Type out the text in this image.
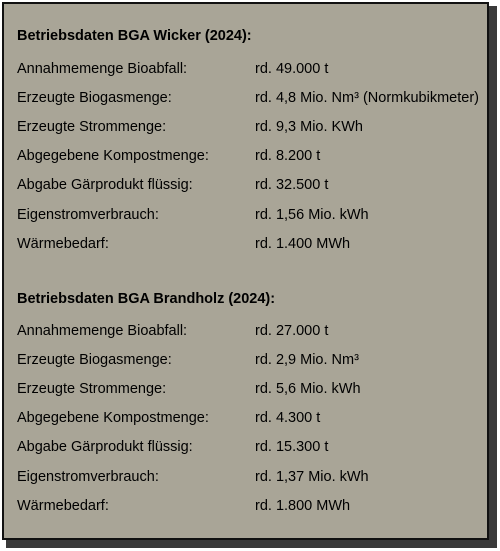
Betriebsdaten BGA Wicker (2024):
Annahmemenge Bioabfall:	rd. 49.000 t
Erzeugte Biogasmenge:	rd. 4,8 Mio. Nm³ (Normkubikmeter)
Erzeugte Strommenge:	rd. 9,3 Mio. KWh
Abgegebene Kompostmenge:	rd. 8.200 t
Abgabe Gärprodukt flüssig:	rd. 32.500 t
Eigenstromverbrauch:	rd. 1,56 Mio. kWh
Wärmebedarf:	rd. 1.400 MWh
Betriebsdaten BGA Brandholz (2024):
Annahmemenge Bioabfall:	rd. 27.000 t
Erzeugte Biogasmenge:	rd. 2,9 Mio. Nm³
Erzeugte Strommenge:	rd. 5,6 Mio. kWh
Abgegebene Kompostmenge:	rd. 4.300 t
Abgabe Gärprodukt flüssig:	rd. 15.300 t
Eigenstromverbrauch:	rd. 1,37 Mio. kWh
Wärmebedarf:	rd. 1.800 MWh
